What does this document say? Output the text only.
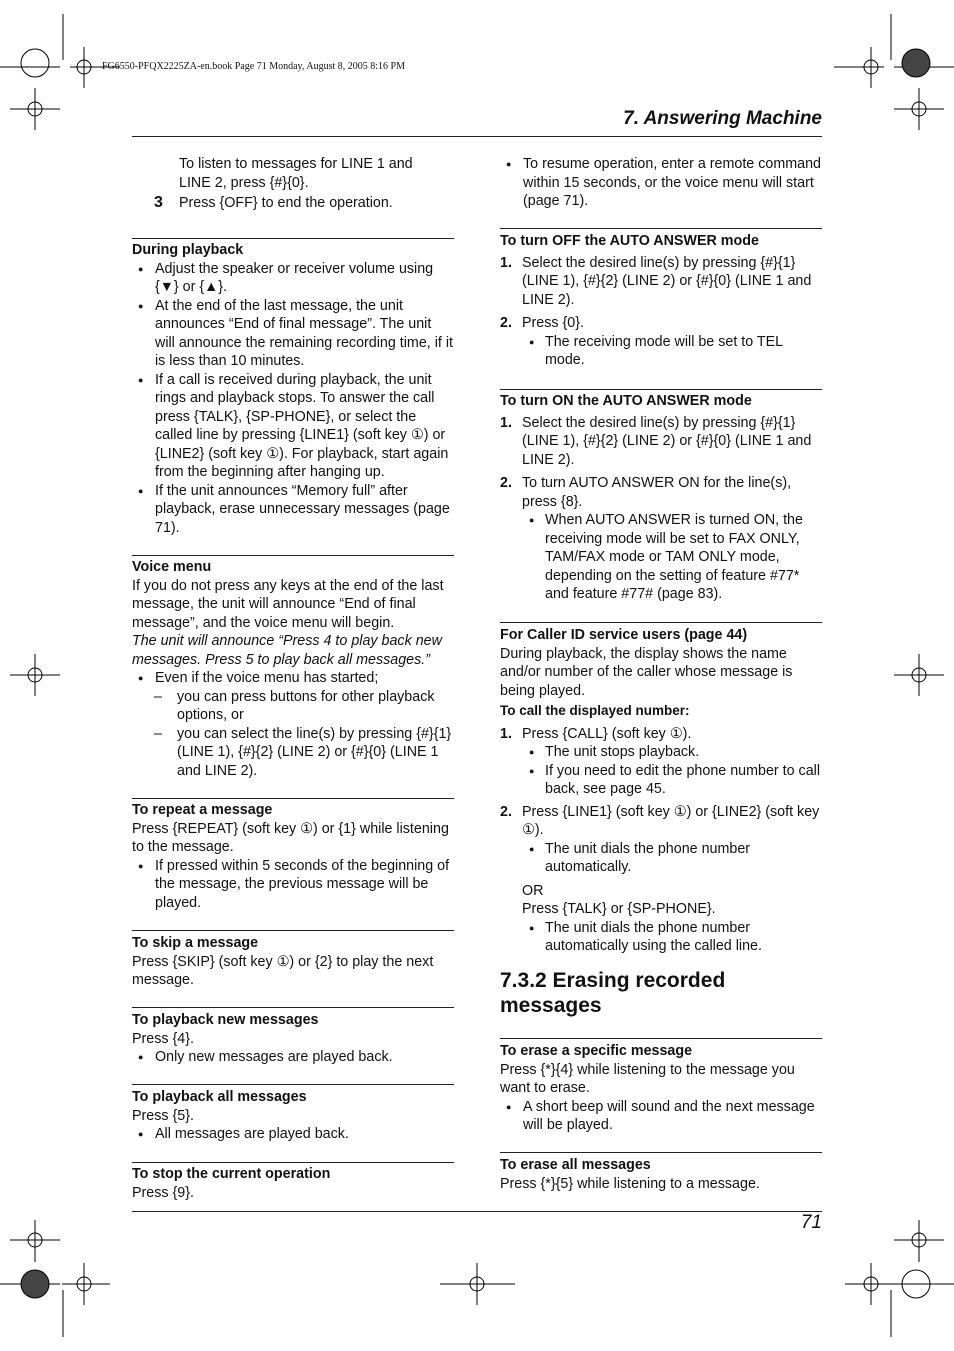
FG6550-PFQX2225ZA-en.book Page 71 Monday, August 8, 2005 8:16 PM
7. Answering Machine

To listen to messages for LINE 1 and

LINE 2, press {#}{0}.

3 Press {OFF} to end the operation.
During playback
● Adjust the speaker or receiver volume using {▼} or {▲}.
● At the end of the last message, the unit announces “End of final message”. The unit will announce the remaining recording time, if it is less than 10 minutes.
● If a call is received during playback, the unit rings and playback stops. To answer the call press {TALK}, {SP-PHONE}, or select the called line by pressing {LINE1} (soft key ①) or {LINE2} (soft key ①). For playback, start again from the beginning after hanging up.
● If the unit announces “Memory full” after playback, erase unnecessary messages (page 71).
Voice menu

If you do not press any keys at the end of the last message, the unit will announce “End of final message”, and the voice menu will begin.

The unit will announce “Press 4 to play back new messages. Press 5 to play back all messages.”

● Even if the voice menu has started;
– you can press buttons for other playback options, or
– you can select the line(s) by pressing {#}{1} (LINE 1), {#}{2} (LINE 2) or {#}{0} (LINE 1 and LINE 2).
To repeat a message

Press {REPEAT} (soft key ①) or {1} while listening to the message.

● If pressed within 5 seconds of the beginning of the message, the previous message will be played.
To skip a message

Press {SKIP} (soft key ①) or {2} to play the next message.

To playback new messages

Press {4}.

● Only new messages are played back.
To playback all messages

Press {5}.

● All messages are played back.
To stop the current operation

Press {9}.

● To resume operation, enter a remote command within 15 seconds, or the voice menu will start (page 71).
To turn OFF the AUTO ANSWER mode
1. Select the desired line(s) by pressing {#}{1} (LINE 1), {#}{2} (LINE 2) or {#}{0} (LINE 1 and LINE 2).
2. Press {0}.
● The receiving mode will be set to TEL mode.
To turn ON the AUTO ANSWER mode
1. Select the desired line(s) by pressing {#}{1} (LINE 1), {#}{2} (LINE 2) or {#}{0} (LINE 1 and LINE 2).
2. To turn AUTO ANSWER ON for the line(s), press {8}.
● When AUTO ANSWER is turned ON, the receiving mode will be set to FAX ONLY, TAM/FAX mode or TAM ONLY mode, depending on the setting of feature #77* and feature #77# (page 83).
For Caller ID service users (page 44)

During playback, the display shows the name and/or number of the caller whose message is being played.

To call the displayed number:
1. Press {CALL} (soft key ①).
● The unit stops playback.
● If you need to edit the phone number to call back, see page 45.
2. Press {LINE1} (soft key ①) or {LINE2} (soft key ①).
● The unit dials the phone number automatically.
OR
Press {TALK} or {SP-PHONE}.
● The unit dials the phone number automatically using the called line.
7.3.2 Erasing recorded messages
To erase a specific message

Press {*}{4} while listening to the message you want to erase.

● A short beep will sound and the next message will be played.
To erase all messages

Press {*}{5} while listening to a message.

71
